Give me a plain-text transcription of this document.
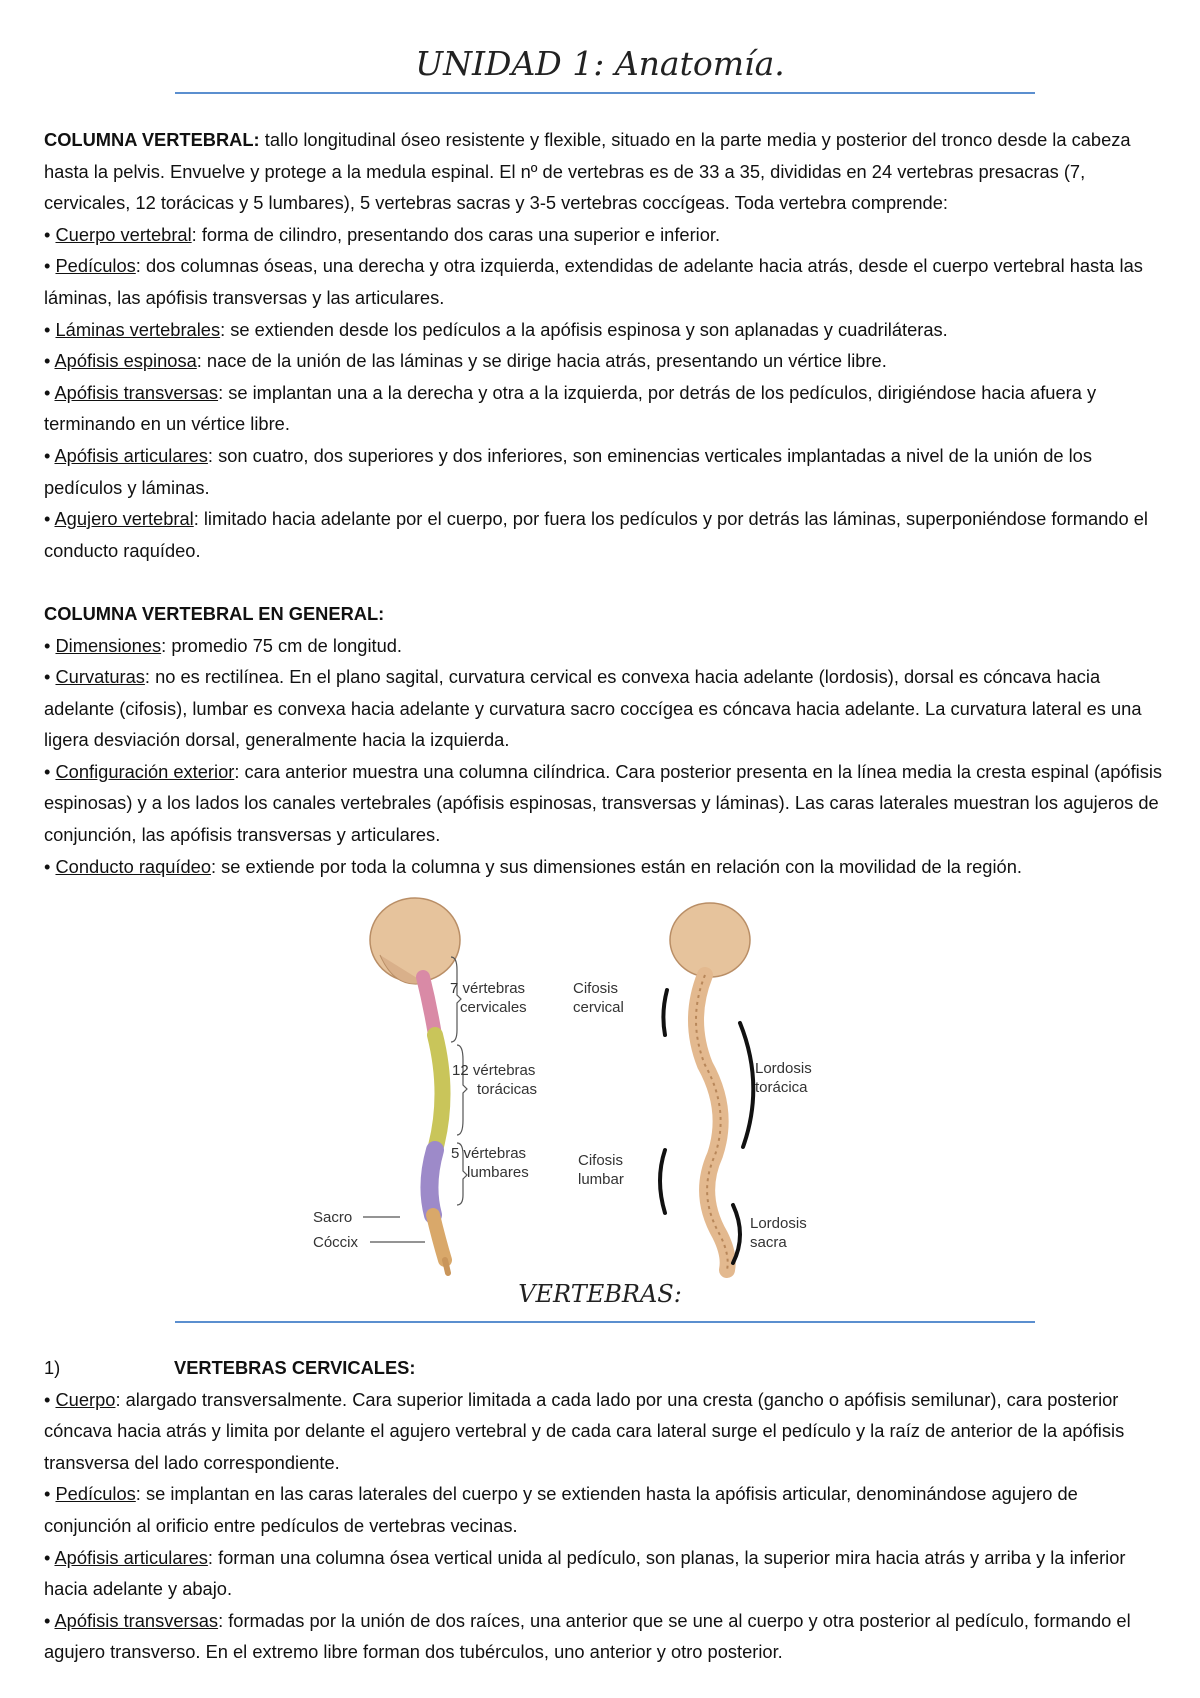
UNIDAD 1: Anatomía.

COLUMNA VERTEBRAL: tallo longitudinal óseo resistente y flexible, situado en la parte media y posterior del tronco desde la cabeza hasta la pelvis. Envuelve y protege a la medula espinal. El nº de vertebras es de 33 a 35, divididas en 24 vertebras presacras (7, cervicales, 12 torácicas y 5 lumbares), 5 vertebras sacras y 3-5 vertebras coccígeas. Toda vertebra comprende:

• Cuerpo vertebral: forma de cilindro, presentando dos caras una superior e inferior.

• Pedículos: dos columnas óseas, una derecha y otra izquierda, extendidas de adelante hacia atrás, desde el cuerpo vertebral hasta las láminas, las apófisis transversas y las articulares.

• Láminas vertebrales: se extienden desde los pedículos a la apófisis espinosa y son aplanadas y cuadriláteras.

• Apófisis espinosa: nace de la unión de las láminas y se dirige hacia atrás, presentando un vértice libre.

• Apófisis transversas: se implantan una a la derecha y otra a la izquierda, por detrás de los pedículos, dirigiéndose hacia afuera y terminando en un vértice libre.

• Apófisis articulares: son cuatro, dos superiores y dos inferiores, son eminencias verticales implantadas a nivel de la unión de los pedículos y láminas.

• Agujero vertebral: limitado hacia adelante por el cuerpo, por fuera los pedículos y por detrás las láminas, superponiéndose formando el conducto raquídeo.

COLUMNA VERTEBRAL EN GENERAL:

• Dimensiones: promedio 75 cm de longitud.

• Curvaturas: no es rectilínea. En el plano sagital, curvatura cervical es convexa hacia adelante (lordosis), dorsal es cóncava hacia adelante (cifosis), lumbar es convexa hacia adelante y curvatura sacro coccígea es cóncava hacia adelante. La curvatura lateral es una ligera desviación dorsal, generalmente hacia la izquierda.

• Configuración exterior: cara anterior muestra una columna cilíndrica. Cara posterior presenta en la línea media la cresta espinal (apófisis espinosas) y a los lados los canales vertebrales (apófisis espinosas, transversas y láminas). Las caras laterales muestran los agujeros de conjunción, las apófisis transversas y articulares.

• Conducto raquídeo: se extiende por toda la columna y sus dimensiones están en relación con la movilidad de la región.

7 vértebras
cervicales
12 vértebras
torácicas
5 vértebras
lumbares
Sacro
Cóccix
Cifosis
cervical
Lordosis
torácica
Cifosis
lumbar
Lordosis
sacra
VERTEBRAS:

1)	VERTEBRAS CERVICALES:

• Cuerpo: alargado transversalmente. Cara superior limitada a cada lado por una cresta (gancho o apófisis semilunar), cara posterior cóncava hacia atrás y limita por delante el agujero vertebral y de cada cara lateral surge el pedículo y la raíz de anterior de la apófisis transversa del lado correspondiente.

• Pedículos: se implantan en las caras laterales del cuerpo y se extienden hasta la apófisis articular, denominándose agujero de conjunción al orificio entre pedículos de vertebras vecinas.

• Apófisis articulares: forman una columna ósea vertical unida al pedículo, son planas, la superior mira hacia atrás y arriba y la inferior hacia adelante y abajo.

• Apófisis transversas: formadas por la unión de dos raíces, una anterior que se une al cuerpo y otra posterior al pedículo, formando el agujero transverso. En el extremo libre forman dos tubérculos, uno anterior y otro posterior.
